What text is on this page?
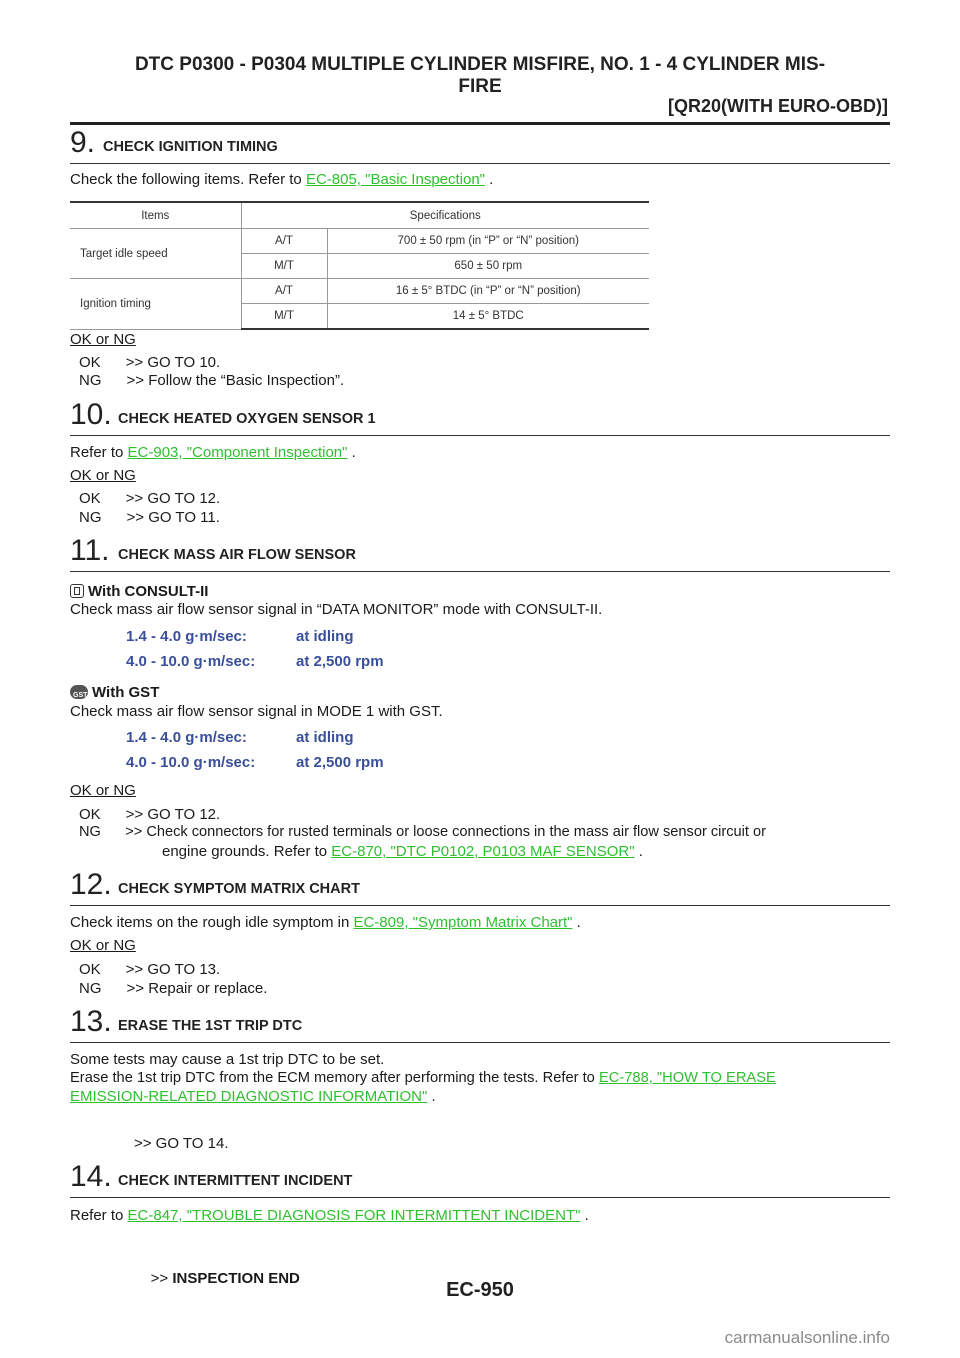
DTC P0300 - P0304 MULTIPLE CYLINDER MISFIRE, NO. 1 - 4 CYLINDER MIS-
FIRE
[QR20(WITH EURO-OBD)]
9. CHECK IGNITION TIMING
Check the following items. Refer to EC-805, "Basic Inspection" .
Items	Specifications	
Target idle speed	A/T	700 ± 50 rpm (in “P” or “N” position)
	M/T	650 ± 50 rpm
Ignition timing	A/T	16 ± 5° BTDC (in “P” or “N” position)
	M/T	14 ± 5° BTDC
OK or NG
OK      >> GO TO 10.
NG      >> Follow the “Basic Inspection”.
10. CHECK HEATED OXYGEN SENSOR 1
Refer to EC-903, "Component Inspection" .
OK or NG
OK      >> GO TO 12.
NG      >> GO TO 11.
11. CHECK MASS AIR FLOW SENSOR
With CONSULT-II
Check mass air flow sensor signal in “DATA MONITOR” mode with CONSULT-II.
1.4 - 4.0 g·m/sec:	at idling
4.0 - 10.0 g·m/sec:	at 2,500 rpm
GST With GST
Check mass air flow sensor signal in MODE 1 with GST.
1.4 - 4.0 g·m/sec:	at idling
4.0 - 10.0 g·m/sec:	at 2,500 rpm
OK or NG
OK      >> GO TO 12.
NG      >> Check connectors for rusted terminals or loose connections in the mass air flow sensor circuit or
engine grounds. Refer to EC-870, "DTC P0102, P0103 MAF SENSOR" .
12. CHECK SYMPTOM MATRIX CHART
Check items on the rough idle symptom in EC-809, "Symptom Matrix Chart" .
OK or NG
OK      >> GO TO 13.
NG      >> Repair or replace.
13. ERASE THE 1ST TRIP DTC
Some tests may cause a 1st trip DTC to be set.
Erase the 1st trip DTC from the ECM memory after performing the tests. Refer to EC-788, "HOW TO ERASE
EMISSION-RELATED DIAGNOSTIC INFORMATION" .
>> GO TO 14.
14. CHECK INTERMITTENT INCIDENT
Refer to EC-847, "TROUBLE DIAGNOSIS FOR INTERMITTENT INCIDENT" .

>> INSPECTION END

EC-950
carmanualsonline.info
